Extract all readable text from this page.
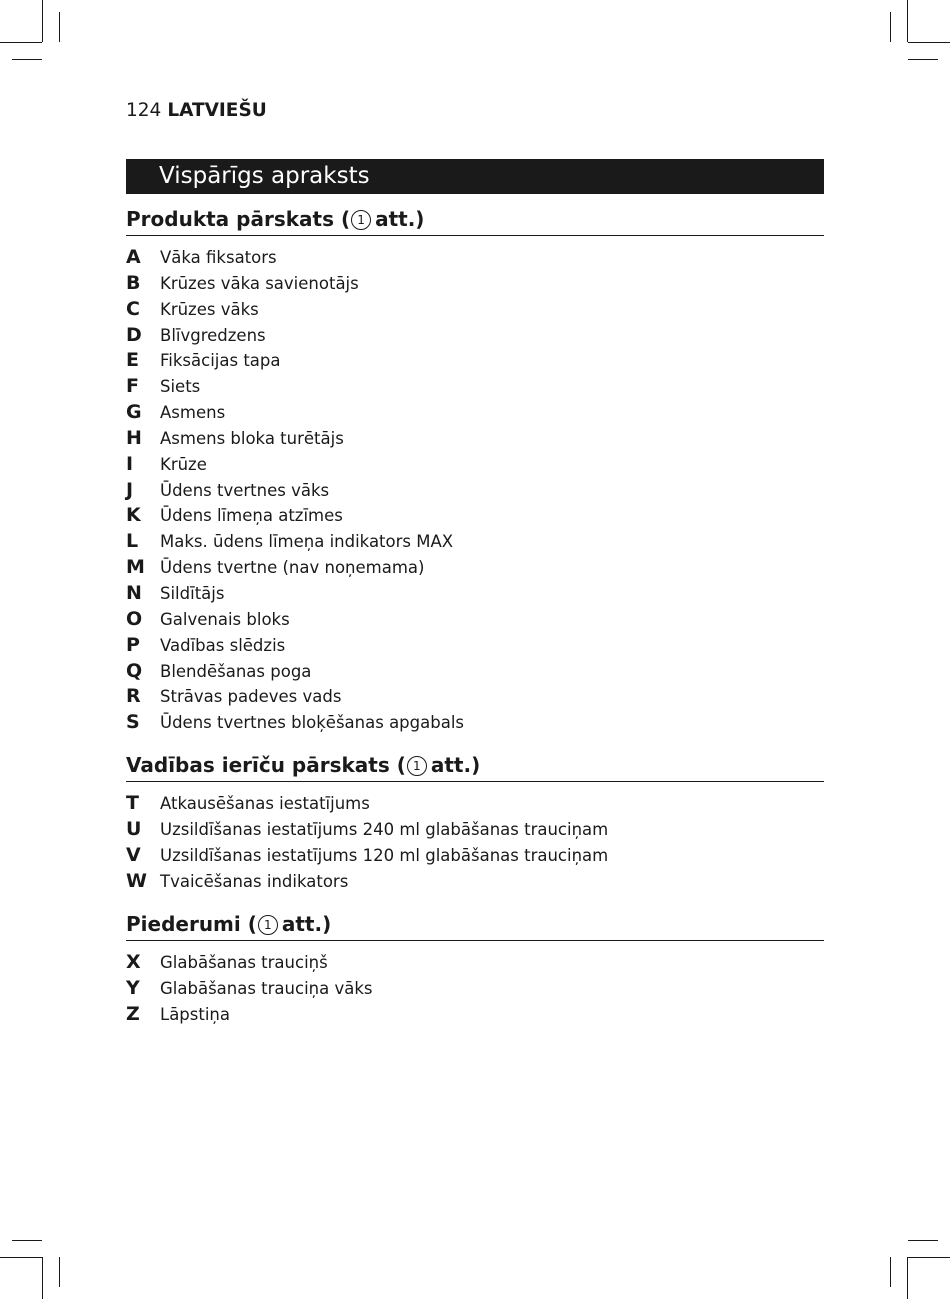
124 LATVIEŠU
Vispārīgs apraksts
Produkta pārskats ( 1 att.)
A Vāka fiksators
B Krūzes vāka savienotājs
C Krūzes vāks
D Blīvgredzens
E Fiksācijas tapa
F Siets
G Asmens
H Asmens bloka turētājs
I Krūze
J Ūdens tvertnes vāks
K Ūdens līmeņa atzīmes
L Maks. ūdens līmeņa indikators MAX
M Ūdens tvertne (nav noņemama)
N Sildītājs
O Galvenais bloks
P Vadības slēdzis
Q Blendēšanas poga
R Strāvas padeves vads
S Ūdens tvertnes bloķēšanas apgabals
Vadības ierīču pārskats ( 1 att.)
T Atkausēšanas iestatījums
U Uzsildīšanas iestatījums 240 ml glabāšanas trauciņam
V Uzsildīšanas iestatījums 120 ml glabāšanas trauciņam
W Tvaicēšanas indikators
Piederumi ( 1 att.)
X Glabāšanas trauciņš
Y Glabāšanas trauciņa vāks
Z Lāpstiņa
